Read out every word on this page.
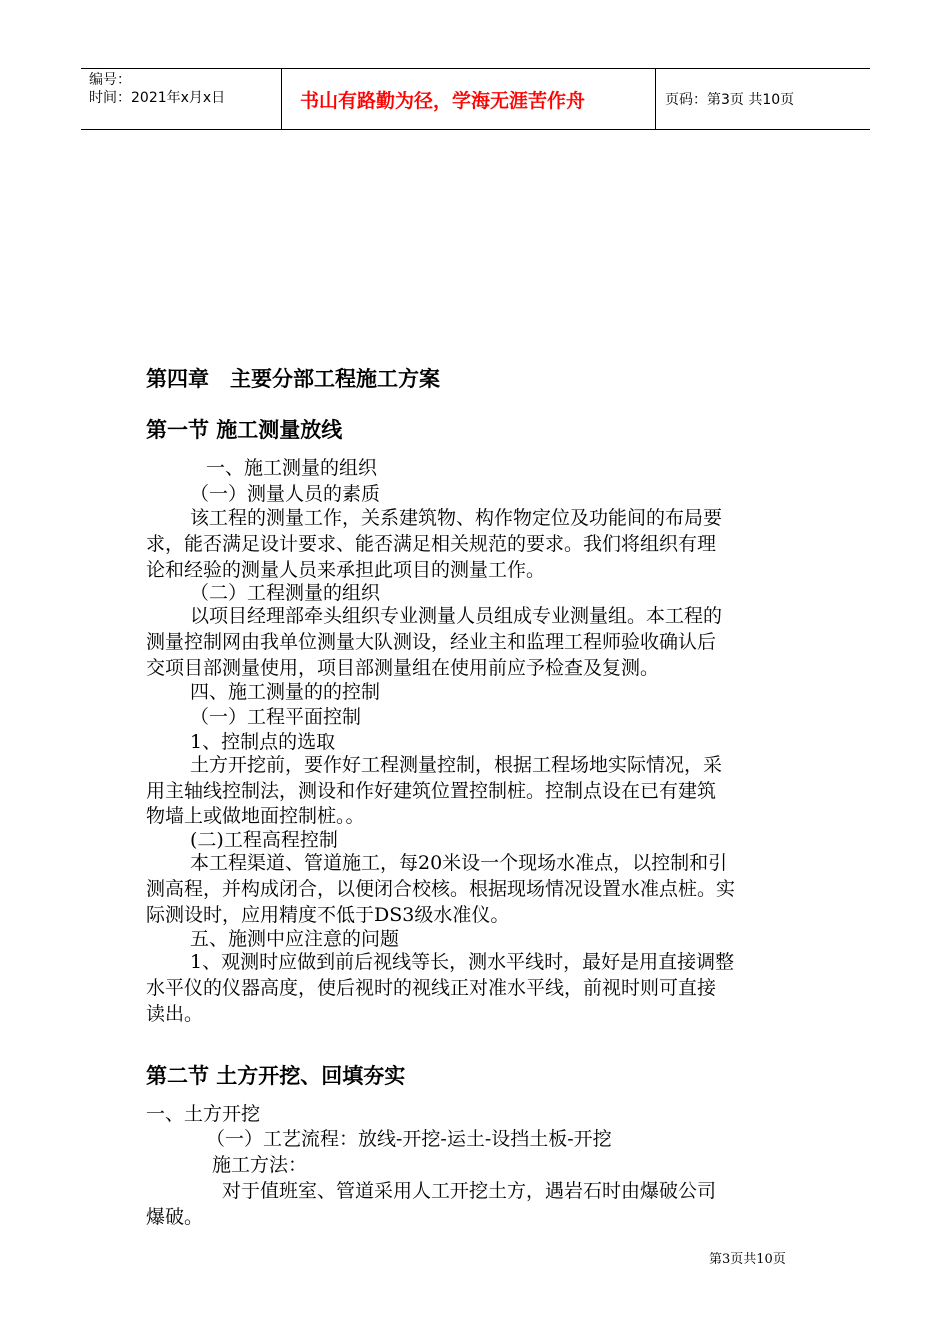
编号：
时间：2021年x月x日	书山有路勤为径，学海无涯苦作舟	页码：第3页 共10页
第四章　主要分部工程施工方案
第一节 施工测量放线
一、施工测量的组织
（一）测量人员的素质
该工程的测量工作，关系建筑物、构作物定位及功能间的布局要
求，能否满足设计要求、能否满足相关规范的要求。我们将组织有理
论和经验的测量人员来承担此项目的测量工作。
（二）工程测量的组织
以项目经理部牵头组织专业测量人员组成专业测量组。本工程的
测量控制网由我单位测量大队测设，经业主和监理工程师验收确认后
交项目部测量使用，项目部测量组在使用前应予检查及复测。
四、施工测量的的控制
（一）工程平面控制
1、控制点的选取
土方开挖前，要作好工程测量控制，根据工程场地实际情况，采
用主轴线控制法，测设和作好建筑位置控制桩。控制点设在已有建筑
物墙上或做地面控制桩。。
(二)工程高程控制
本工程渠道、管道施工，每20米设一个现场水准点，以控制和引
测高程，并构成闭合，以便闭合校核。根据现场情况设置水准点桩。实
际测设时，应用精度不低于DS3级水准仪。
五、施测中应注意的问题
1、观测时应做到前后视线等长，测水平线时，最好是用直接调整
水平仪的仪器高度，使后视时的视线正对准水平线，前视时则可直接
读出。
第二节 土方开挖、回填夯实
一、土方开挖
（一）工艺流程：放线-开挖-运土-设挡土板-开挖
施工方法：
对于值班室、管道采用人工开挖土方，遇岩石时由爆破公司
爆破。
第3页共10页
